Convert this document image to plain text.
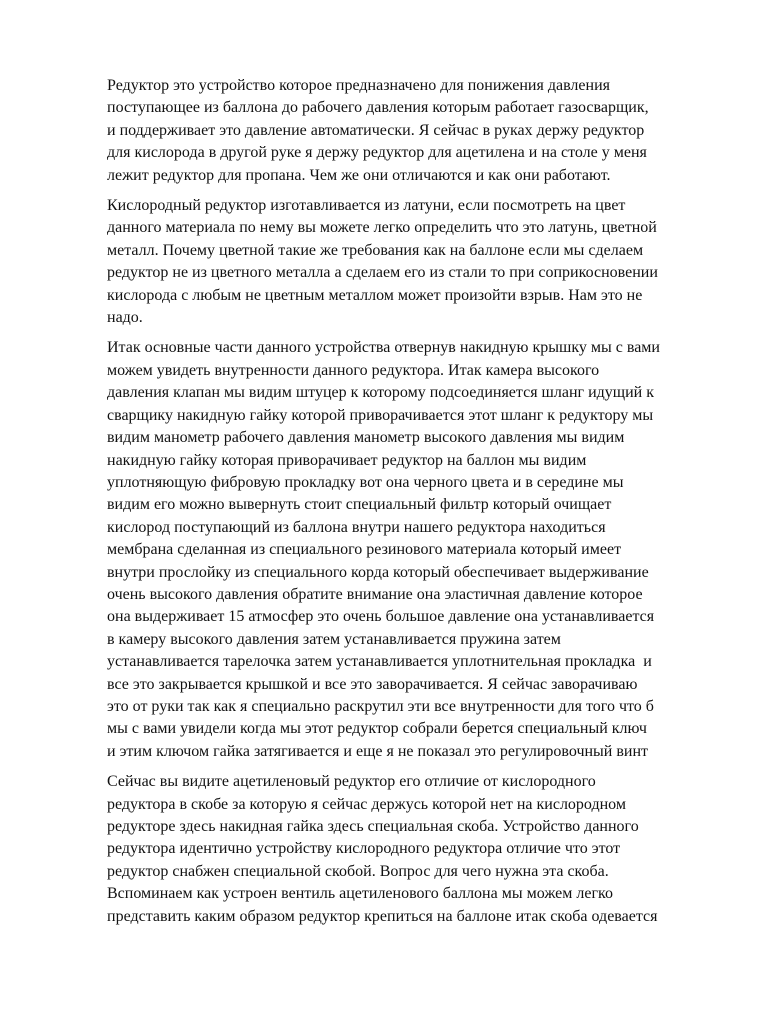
Редуктор это устройство которое предназначено для понижения давления
поступающее из баллона до рабочего давления которым работает газосварщик,
и поддерживает это давление автоматически. Я сейчас в руках держу редуктор
для кислорода в другой руке я держу редуктор для ацетилена и на столе у меня
лежит редуктор для пропана. Чем же они отличаются и как они работают.
Кислородный редуктор изготавливается из латуни, если посмотреть на цвет
данного материала по нему вы можете легко определить что это латунь, цветной
металл. Почему цветной такие же требования как на баллоне если мы сделаем
редуктор не из цветного металла а сделаем его из стали то при соприкосновении
кислорода с любым не цветным металлом может произойти взрыв. Нам это не
надо.
Итак основные части данного устройства отвернув накидную крышку мы с вами
можем увидеть внутренности данного редуктора. Итак камера высокого
давления клапан мы видим штуцер к которому подсоединяется шланг идущий к
сварщику накидную гайку которой приворачивается этот шланг к редуктору мы
видим манометр рабочего давления манометр высокого давления мы видим
накидную гайку которая приворачивает редуктор на баллон мы видим
уплотняющую фибровую прокладку вот она черного цвета и в середине мы
видим его можно вывернуть стоит специальный фильтр который очищает
кислород поступающий из баллона внутри нашего редуктора находиться
мембрана сделанная из специального резинового материала который имеет
внутри прослойку из специального корда который обеспечивает выдерживание
очень высокого давления обратите внимание она эластичная давление которое
она выдерживает 15 атмосфер это очень большое давление она устанавливается
в камеру высокого давления затем устанавливается пружина затем
устанавливается тарелочка затем устанавливается уплотнительная прокладка  и
все это закрывается крышкой и все это заворачивается. Я сейчас заворачиваю
это от руки так как я специально раскрутил эти все внутренности для того что б
мы с вами увидели когда мы этот редуктор собрали берется специальный ключ
и этим ключом гайка затягивается и еще я не показал это регулировочный винт
Сейчас вы видите ацетиленовый редуктор его отличие от кислородного
редуктора в скобе за которую я сейчас держусь которой нет на кислородном
редукторе здесь накидная гайка здесь специальная скоба. Устройство данного
редуктора идентично устройству кислородного редуктора отличие что этот
редуктор снабжен специальной скобой. Вопрос для чего нужна эта скоба.
Вспоминаем как устроен вентиль ацетиленового баллона мы можем легко
представить каким образом редуктор крепиться на баллоне итак скоба одевается
